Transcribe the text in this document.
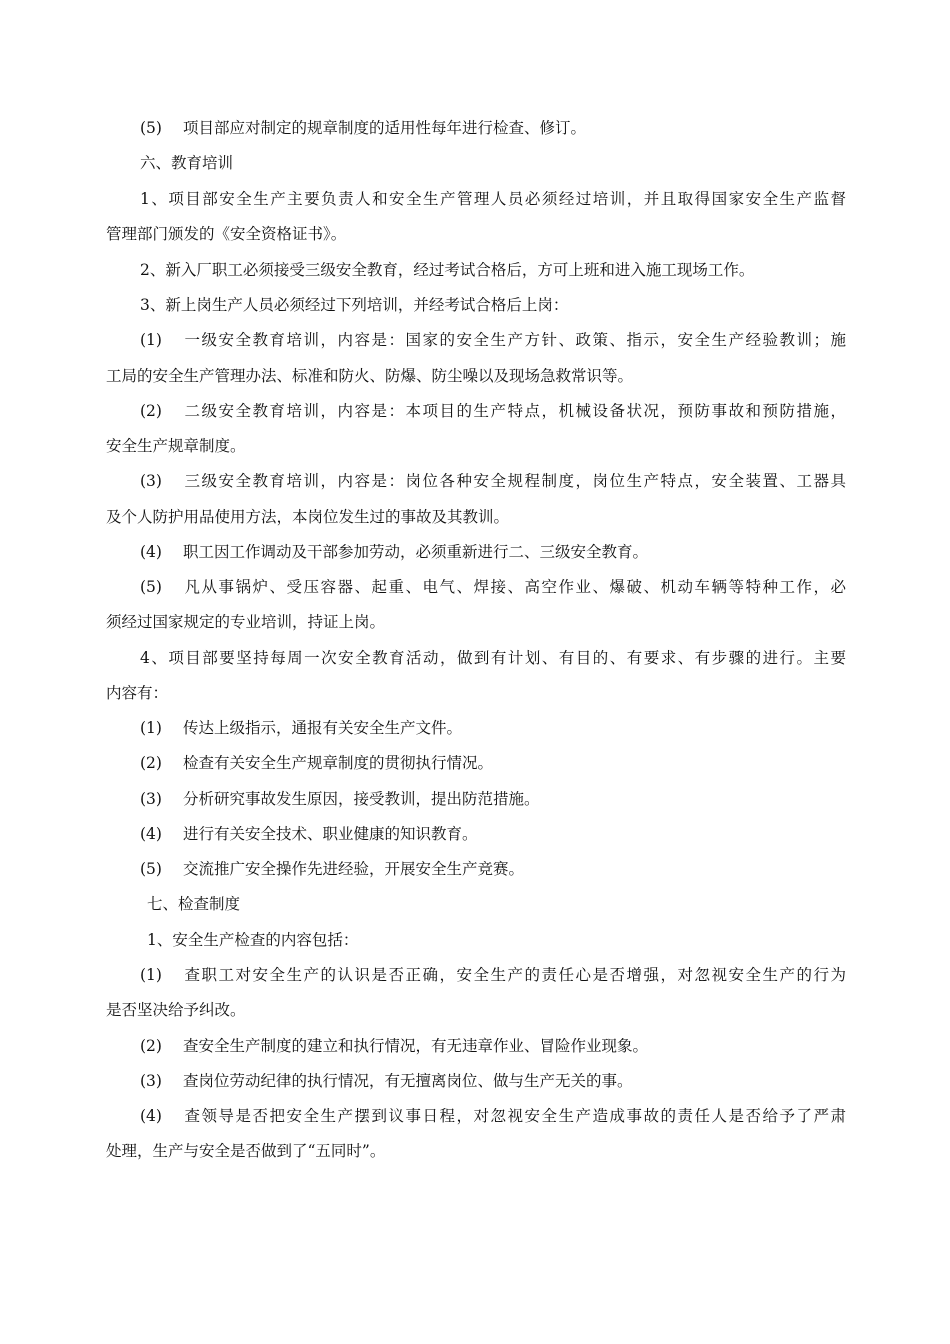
(5) 项目部应对制定的规章制度的适用性每年进行检查、修订。
六、教育培训
1、项目部安全生产主要负责人和安全生产管理人员必须经过培训，并且取得国家安全生产监督
管理部门颁发的《安全资格证书》。
2、新入厂职工必须接受三级安全教育，经过考试合格后，方可上班和进入施工现场工作。
3、新上岗生产人员必须经过下列培训，并经考试合格后上岗：
(1) 一级安全教育培训，内容是：国家的安全生产方针、政策、指示，安全生产经验教训；施
工局的安全生产管理办法、标准和防火、防爆、防尘噪以及现场急救常识等。
(2) 二级安全教育培训，内容是：本项目的生产特点，机械设备状况，预防事故和预防措施，
安全生产规章制度。
(3) 三级安全教育培训，内容是：岗位各种安全规程制度，岗位生产特点，安全装置、工器具
及个人防护用品使用方法，本岗位发生过的事故及其教训。
(4) 职工因工作调动及干部参加劳动，必须重新进行二、三级安全教育。
(5) 凡从事锅炉、受压容器、起重、电气、焊接、高空作业、爆破、机动车辆等特种工作，必
须经过国家规定的专业培训，持证上岗。
4、项目部要坚持每周一次安全教育活动，做到有计划、有目的、有要求、有步骤的进行。主要
内容有：
(1) 传达上级指示，通报有关安全生产文件。
(2) 检查有关安全生产规章制度的贯彻执行情况。
(3) 分析研究事故发生原因，接受教训，提出防范措施。
(4) 进行有关安全技术、职业健康的知识教育。
(5) 交流推广安全操作先进经验，开展安全生产竞赛。
七、检查制度
1、安全生产检查的内容包括：
(1) 查职工对安全生产的认识是否正确，安全生产的责任心是否增强，对忽视安全生产的行为
是否坚决给予纠改。
(2) 查安全生产制度的建立和执行情况，有无违章作业、冒险作业现象。
(3) 查岗位劳动纪律的执行情况，有无擅离岗位、做与生产无关的事。
(4) 查领导是否把安全生产摆到议事日程，对忽视安全生产造成事故的责任人是否给予了严肃
处理，生产与安全是否做到了“五同时”。
